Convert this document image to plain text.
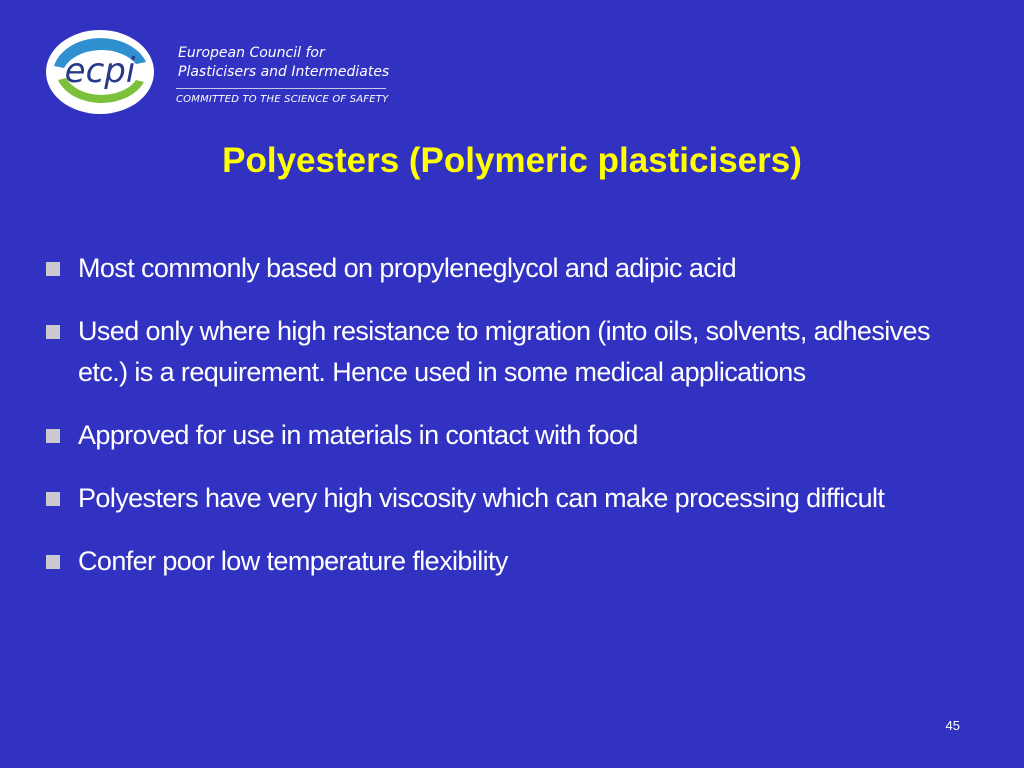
ecpi	European Council for
Plasticisers and Intermediates
COMMITTED TO THE SCIENCE OF SAFETY
Polyesters (Polymeric plasticisers)
Most commonly based on propyleneglycol and adipic acid
Used only where high resistance to migration (into oils, solvents, adhesives etc.) is a requirement. Hence used in some medical applications
Approved for use in materials in contact with food
Polyesters have very high viscosity which can make processing difficult
Confer poor low temperature flexibility
45
